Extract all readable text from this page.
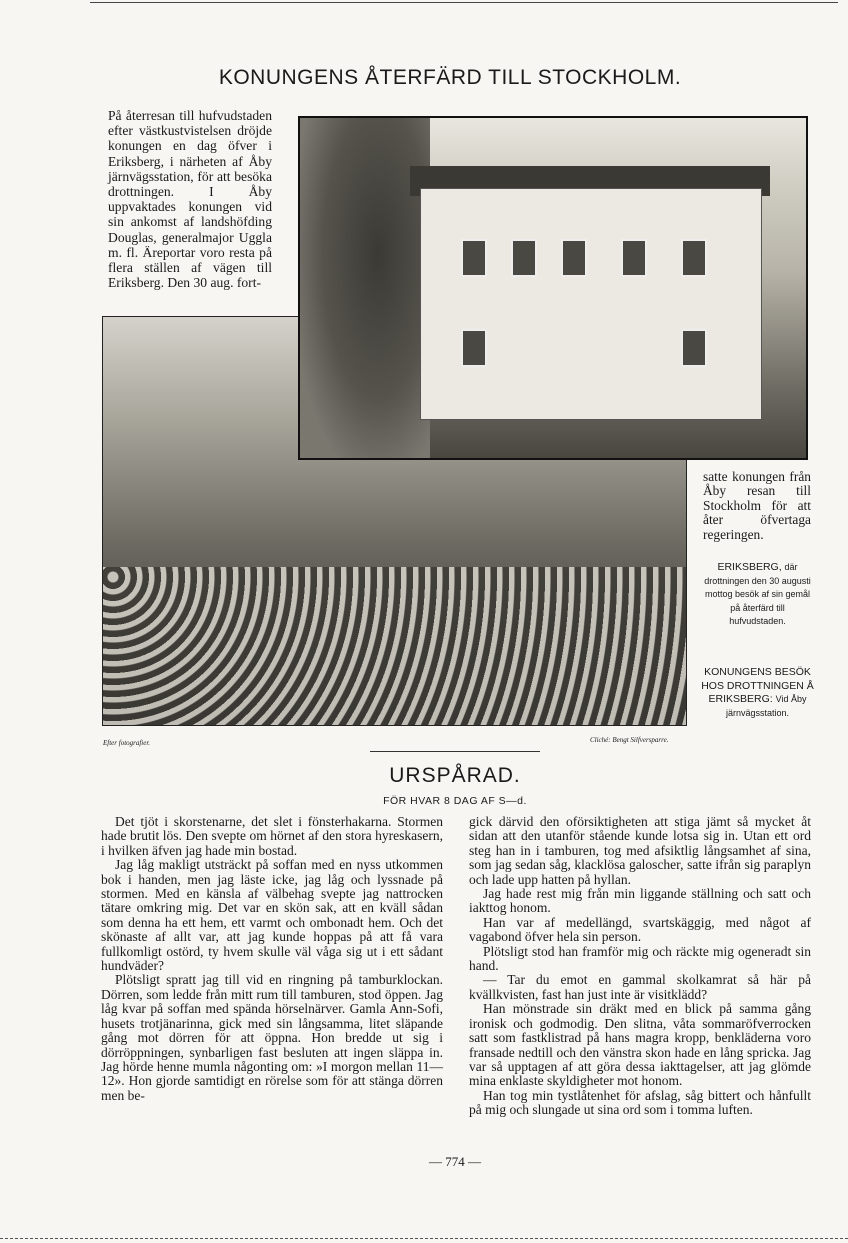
KONUNGENS ÅTERFÄRD TILL STOCKHOLM.
På återresan till hufvudstaden efter västkustvistelsen dröjde konungen en dag öfver i Eriksberg, i närheten af Åby järnvägsstation, för att besöka drottningen. I Åby uppvaktades konungen vid sin ankomst af landshöfding Douglas, generalmajor Uggla m. fl. Äreportar voro resta på flera ställen af vägen till Eriksberg. Den 30 aug. fort-
Efter fotografier.	Cliché: Bengt Silfversparre.
satte konungen från Åby resan till Stockholm för att åter öfvertaga regeringen.
ERIKSBERG, där drottningen den 30 augusti mottog besök af sin gemål på återfärd till hufvudstaden.
KONUNGENS BESÖK HOS DROTTNINGEN Å ERIKSBERG: Vid Åby järnvägsstation.
URSPÅRAD.
FÖR HVAR 8 DAG AF S—d.

Det tjöt i skorstenarne, det slet i fönsterhakarna. Stormen hade brutit lös. Den svepte om hörnet af den stora hyreskasern, i hvilken äfven jag hade min bostad.

Jag låg makligt utsträckt på soffan med en nyss utkommen bok i handen, men jag läste icke, jag låg och lyssnade på stormen. Med en känsla af välbehag svepte jag nattrocken tätare omkring mig. Det var en skön sak, att en kväll sådan som denna ha ett hem, ett varmt och ombonadt hem. Och det skönaste af allt var, att jag kunde hoppas på att få vara fullkomligt ostörd, ty hvem skulle väl våga sig ut i ett sådant hundväder?

Plötsligt spratt jag till vid en ringning på tamburklockan. Dörren, som ledde från mitt rum till tamburen, stod öppen. Jag låg kvar på soffan med spända hörselnärver. Gamla Ann-Sofi, husets trotjänarinna, gick med sin långsamma, litet släpande gång mot dörren för att öppna. Hon bredde ut sig i dörröppningen, synbarligen fast besluten att ingen släppa in. Jag hörde henne mumla någonting om: »I morgon mellan 11—12». Hon gjorde samtidigt en rörelse som för att stänga dörren men be-

gick därvid den oförsiktigheten att stiga jämt så mycket åt sidan att den utanför stående kunde lotsa sig in. Utan ett ord steg han in i tamburen, tog med afsiktlig långsamhet af sina, som jag sedan såg, klacklösa galoscher, satte ifrån sig paraplyn och lade upp hatten på hyllan.

Jag hade rest mig från min liggande ställning och satt och iakttog honom.

Han var af medellängd, svartskäggig, med något af vagabond öfver hela sin person.

Plötsligt stod han framför mig och räckte mig ogeneradt sin hand.

— Tar du emot en gammal skolkamrat så här på kvällkvisten, fast han just inte är visitklädd?

Han mönstrade sin dräkt med en blick på samma gång ironisk och godmodig. Den slitna, våta sommaröfverrocken satt som fastklistrad på hans magra kropp, benkläderna voro fransade nedtill och den vänstra skon hade en lång spricka. Jag var så upptagen af att göra dessa iakttagelser, att jag glömde mina enklaste skyldigheter mot honom.

Han tog min tystlåtenhet för afslag, såg bittert och hånfullt på mig och slungade ut sina ord som i tomma luften.

— 774 —
